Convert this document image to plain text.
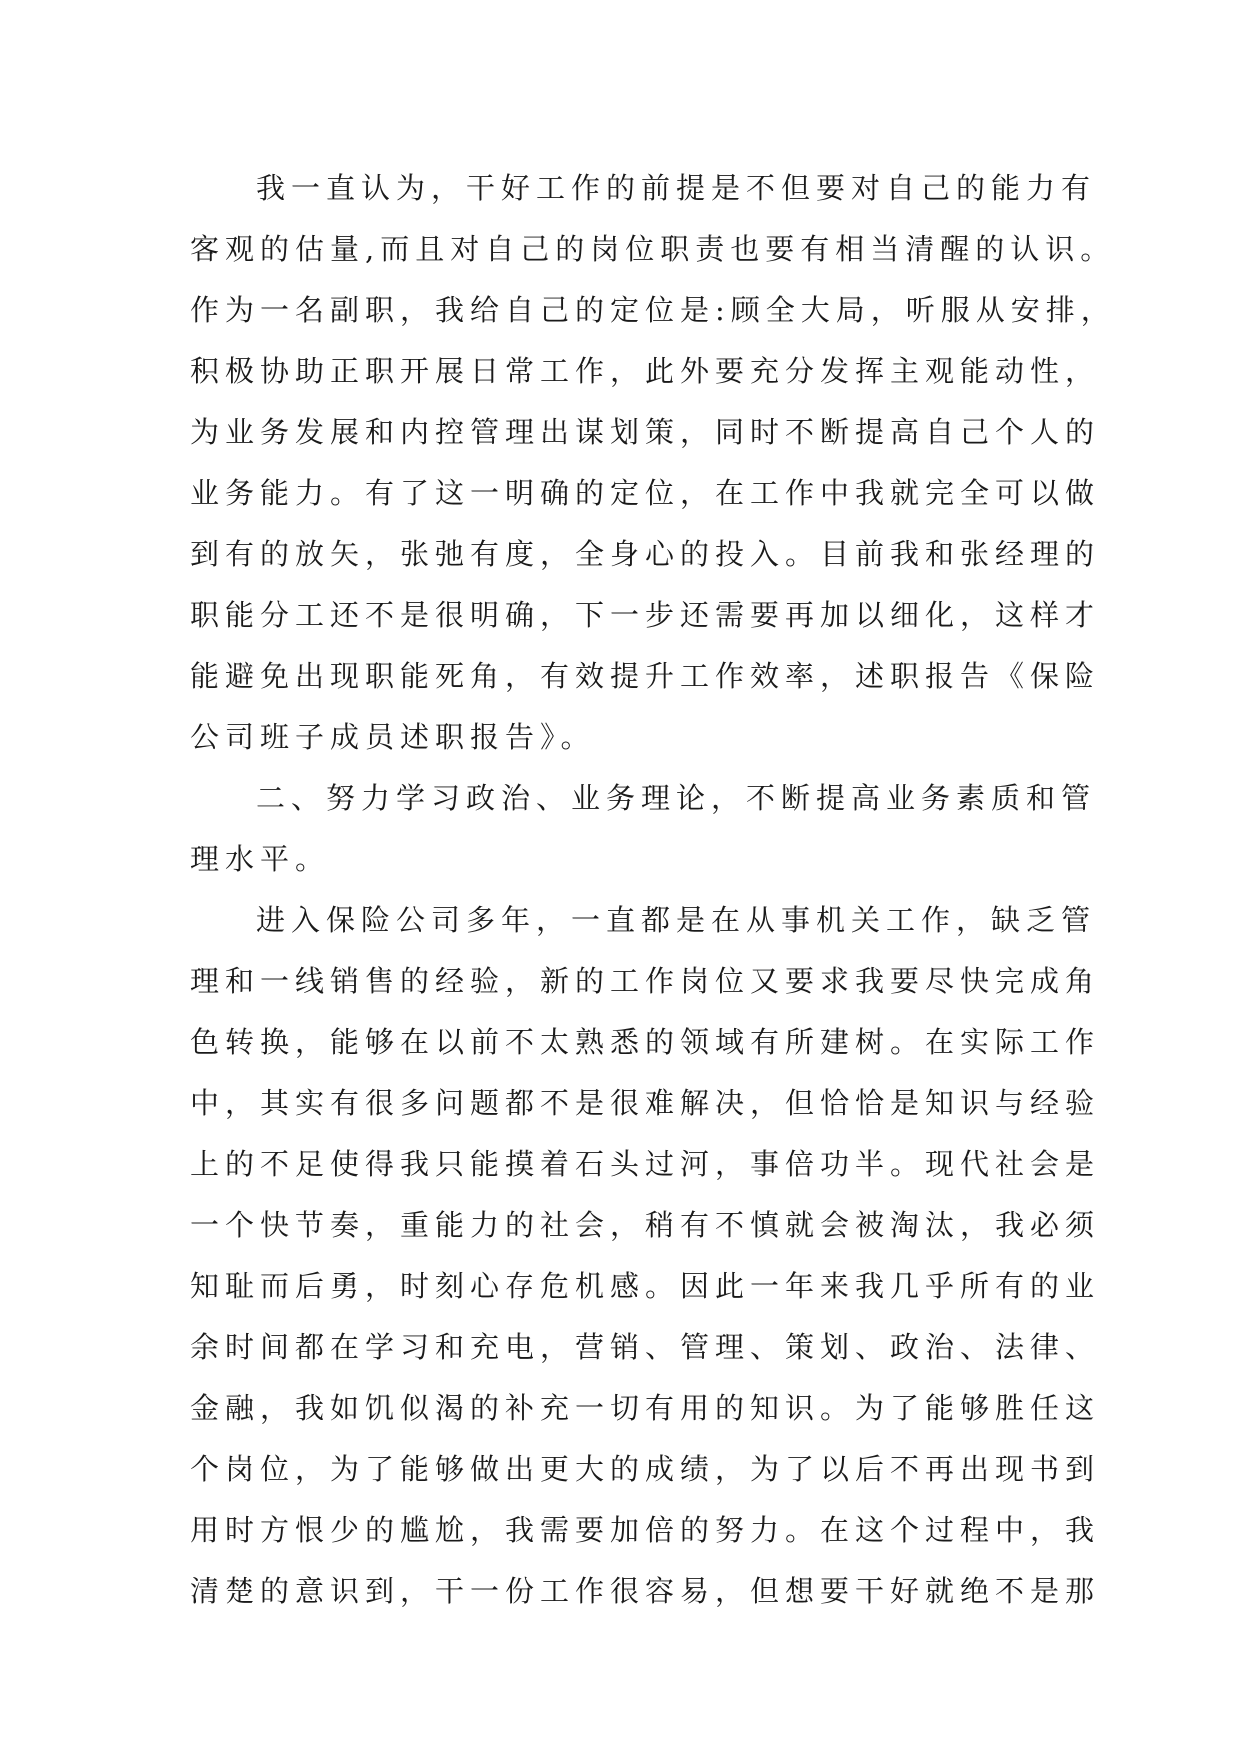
我一直认为，干好工作的前提是不但要对自己的能力有
客观的估量,而且对自己的岗位职责也要有相当清醒的认识。
作为一名副职，我给自己的定位是:顾全大局，听服从安排，
积极协助正职开展日常工作，此外要充分发挥主观能动性，
为业务发展和内控管理出谋划策，同时不断提高自己个人的
业务能力。有了这一明确的定位，在工作中我就完全可以做
到有的放矢，张弛有度，全身心的投入。目前我和张经理的
职能分工还不是很明确，下一步还需要再加以细化，这样才
能避免出现职能死角，有效提升工作效率，述职报告《保险
公司班子成员述职报告》。
二、努力学习政治、业务理论，不断提高业务素质和管
理水平。
进入保险公司多年，一直都是在从事机关工作，缺乏管
理和一线销售的经验，新的工作岗位又要求我要尽快完成角
色转换，能够在以前不太熟悉的领域有所建树。在实际工作
中，其实有很多问题都不是很难解决，但恰恰是知识与经验
上的不足使得我只能摸着石头过河，事倍功半。现代社会是
一个快节奏，重能力的社会，稍有不慎就会被淘汰，我必须
知耻而后勇，时刻心存危机感。因此一年来我几乎所有的业
余时间都在学习和充电，营销、管理、策划、政治、法律、
金融，我如饥似渴的补充一切有用的知识。为了能够胜任这
个岗位，为了能够做出更大的成绩，为了以后不再出现书到
用时方恨少的尴尬，我需要加倍的努力。在这个过程中，我
清楚的意识到，干一份工作很容易，但想要干好就绝不是那
